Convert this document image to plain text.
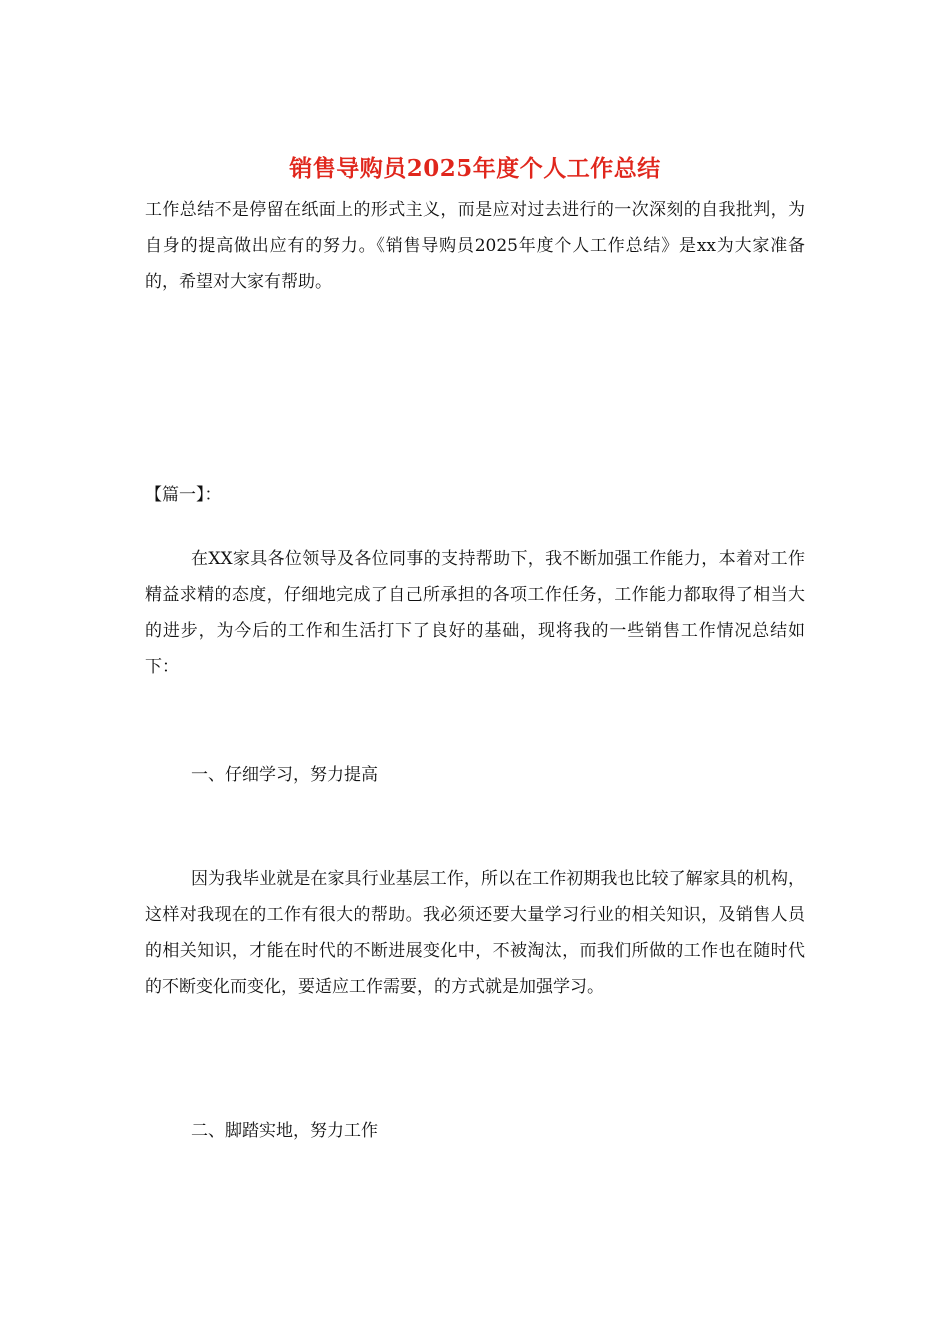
销售导购员2025年度个人工作总结

工作总结不是停留在纸面上的形式主义，而是应对过去进行的一次深刻的自我批判，为自身的提高做出应有的努力。《销售导购员2025年度个人工作总结》是xx为大家准备的，希望对大家有帮助。

【篇一】：

在XX家具各位领导及各位同事的支持帮助下，我不断加强工作能力，本着对工作精益求精的态度，仔细地完成了自己所承担的各项工作任务，工作能力都取得了相当大的进步，为今后的工作和生活打下了良好的基础，现将我的一些销售工作情况总结如下：

一、仔细学习，努力提高

因为我毕业就是在家具行业基层工作，所以在工作初期我也比较了解家具的机构，这样对我现在的工作有很大的帮助。我必须还要大量学习行业的相关知识，及销售人员的相关知识，才能在时代的不断进展变化中，不被淘汰，而我们所做的工作也在随时代的不断变化而变化，要适应工作需要，的方式就是加强学习。

二、脚踏实地，努力工作
